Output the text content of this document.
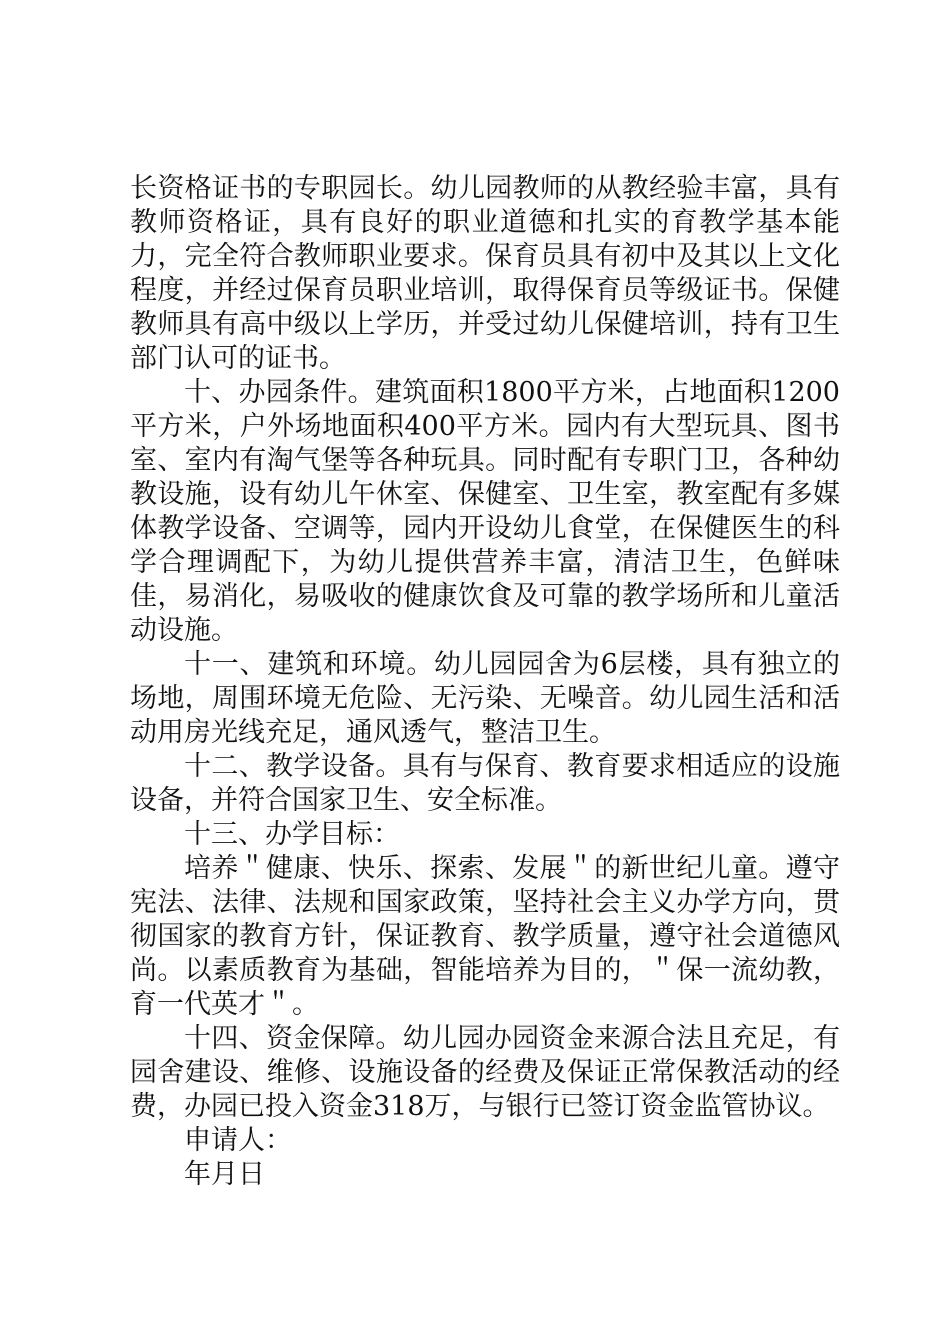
长资格证书的专职园长。幼儿园教师的从教经验丰富，具有教师资格证，具有良好的职业道德和扎实的育教学基本能力，完全符合教师职业要求。保育员具有初中及其以上文化程度，并经过保育员职业培训，取得保育员等级证书。保健教师具有高中级以上学历，并受过幼儿保健培训，持有卫生部门认可的证书。

十、办园条件。建筑面积1800平方米，占地面积1200平方米，户外场地面积400平方米。园内有大型玩具、图书室、室内有淘气堡等各种玩具。同时配有专职门卫，各种幼教设施，设有幼儿午休室、保健室、卫生室，教室配有多媒体教学设备、空调等，园内开设幼儿食堂，在保健医生的科学合理调配下，为幼儿提供营养丰富，清洁卫生，色鲜味佳，易消化，易吸收的健康饮食及可靠的教学场所和儿童活动设施。

十一、建筑和环境。幼儿园园舍为6层楼，具有独立的场地，周围环境无危险、无污染、无噪音。幼儿园生活和活动用房光线充足，通风透气，整洁卫生。

十二、教学设备。具有与保育、教育要求相适应的设施设备，并符合国家卫生、安全标准。

十三、办学目标：

培养＂健康、快乐、探索、发展＂的新世纪儿童。遵守宪法、法律、法规和国家政策，坚持社会主义办学方向，贯彻国家的教育方针，保证教育、教学质量，遵守社会道德风尚。以素质教育为基础，智能培养为目的，＂保一流幼教，育一代英才＂。

十四、资金保障。幼儿园办园资金来源合法且充足，有园舍建设、维修、设施设备的经费及保证正常保教活动的经费，办园已投入资金318万，与银行已签订资金监管协议。

申请人：

年月日
